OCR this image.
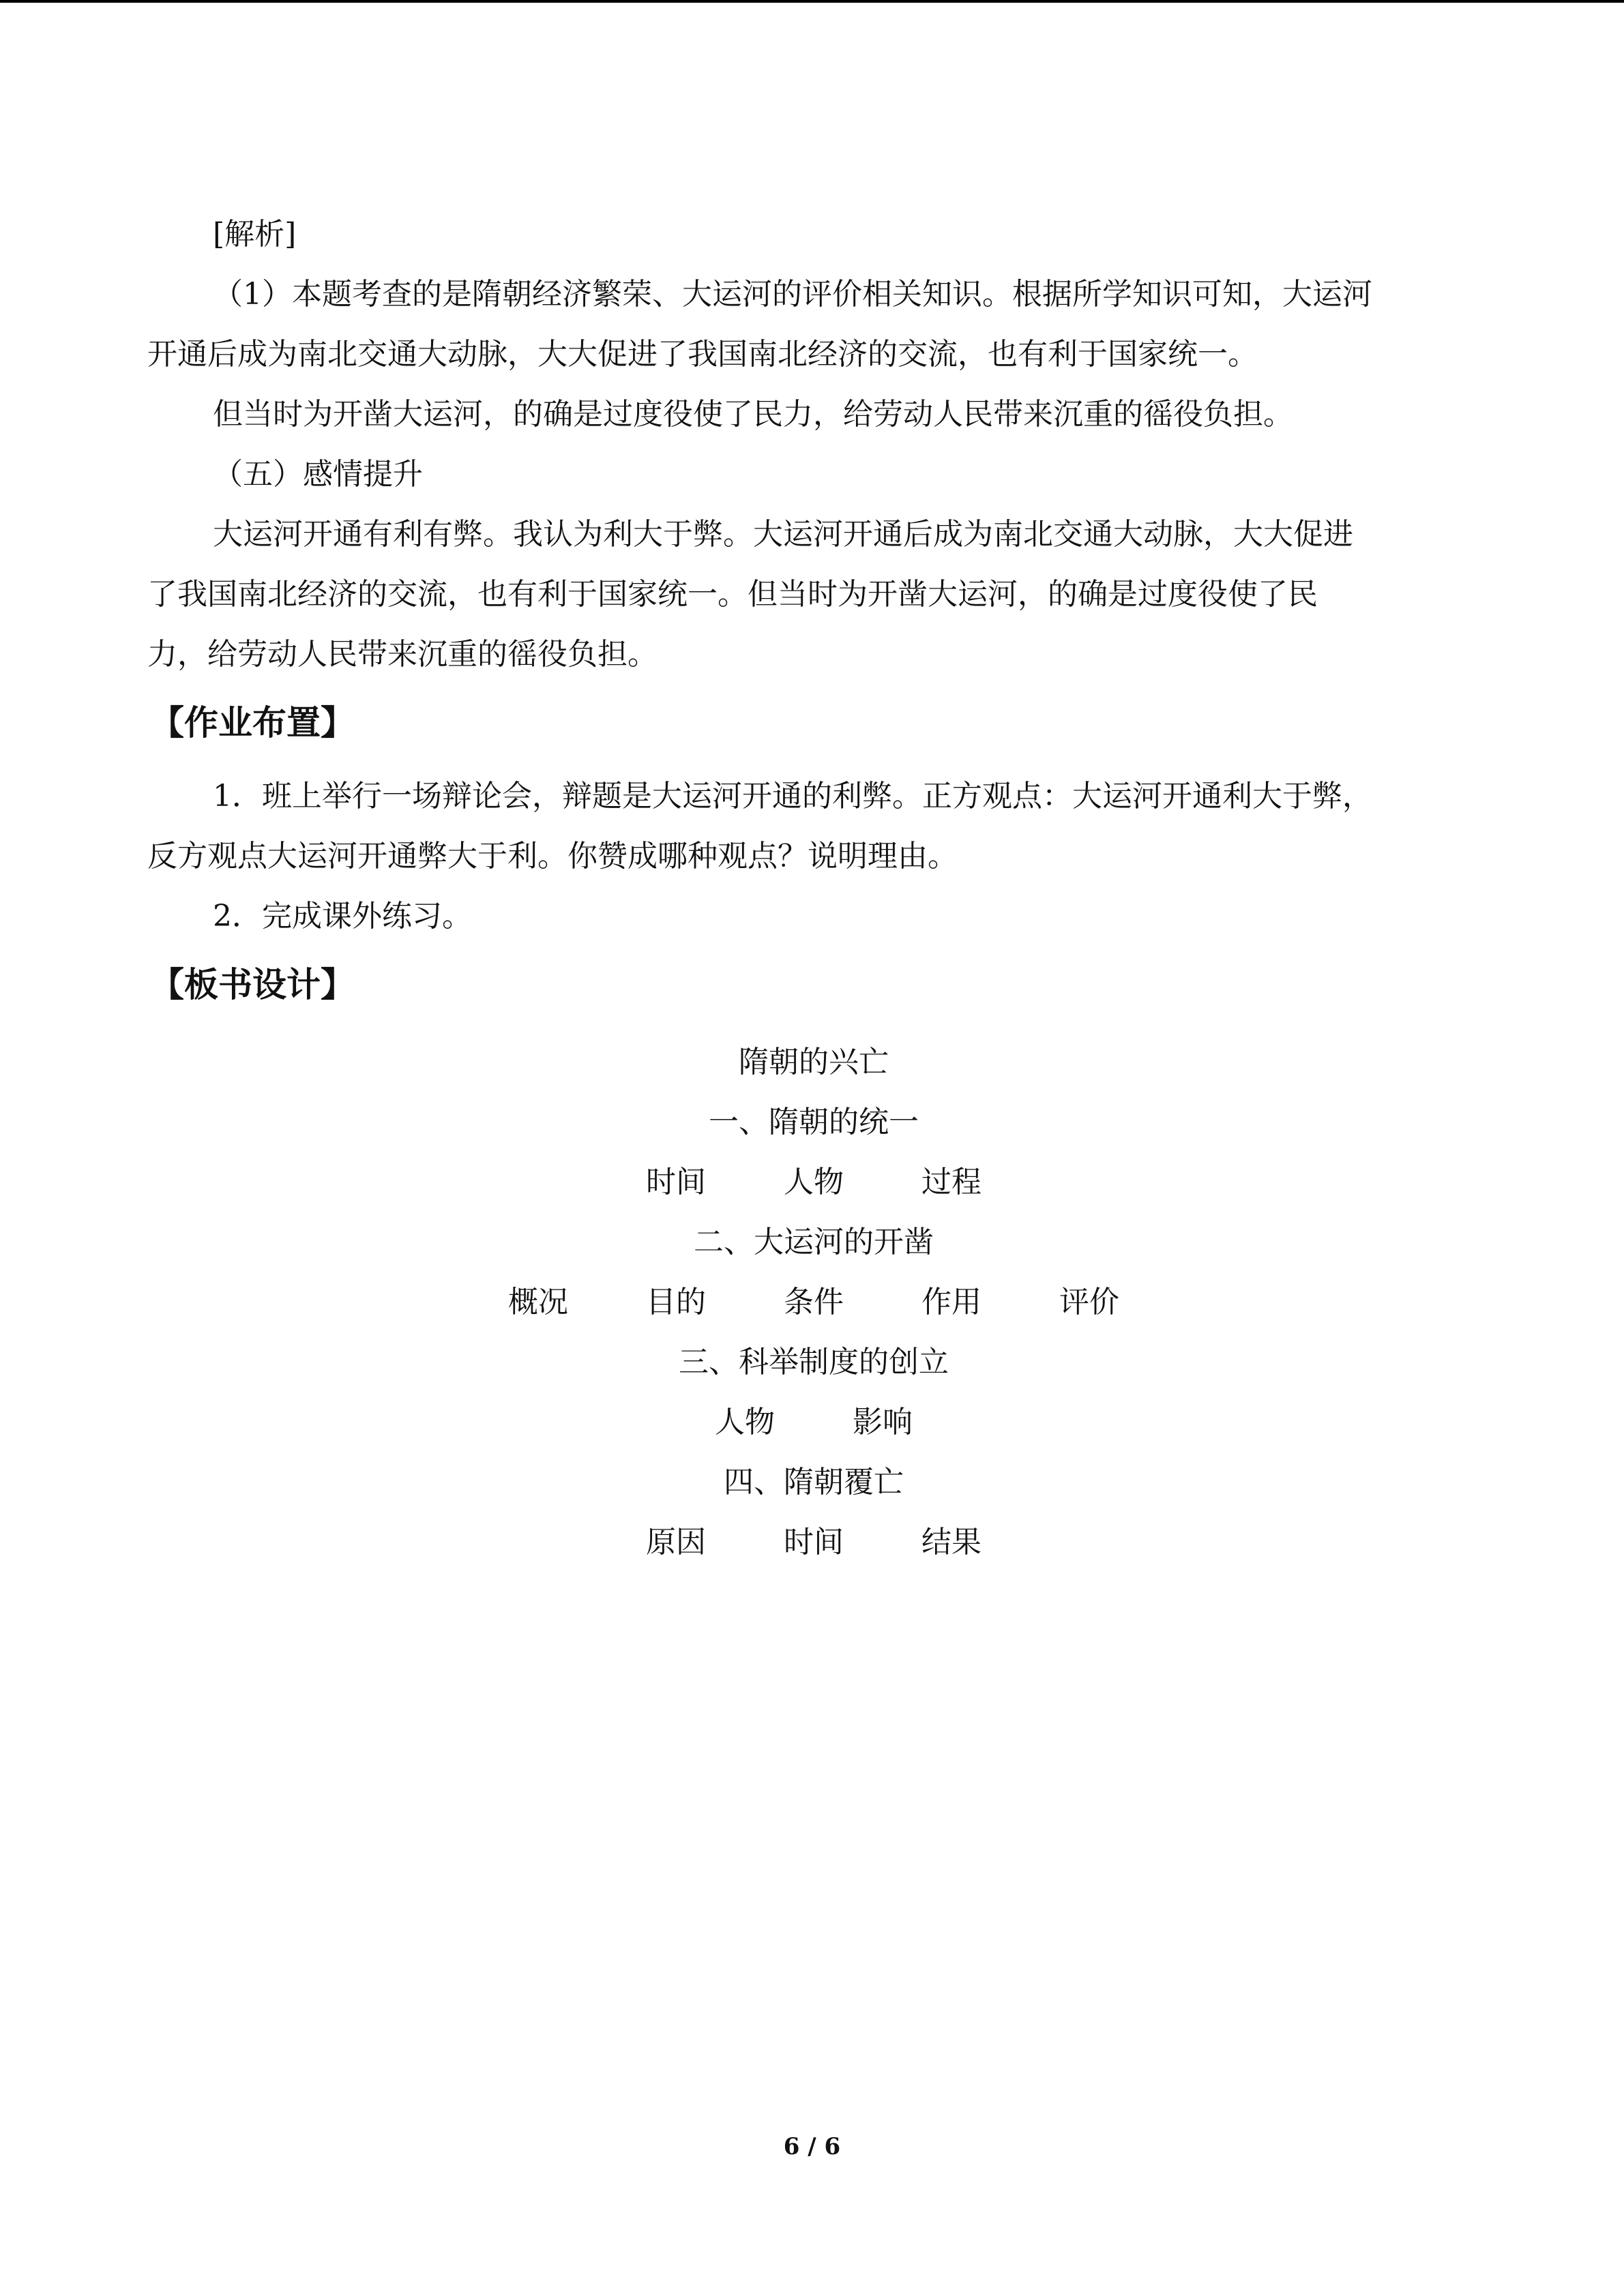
[解析]

（1）本题考查的是隋朝经济繁荣、大运河的评价相关知识。根据所学知识可知，大运河

开通后成为南北交通大动脉，大大促进了我国南北经济的交流，也有利于国家统一。

但当时为开凿大运河，的确是过度役使了民力，给劳动人民带来沉重的徭役负担。

（五）感情提升

大运河开通有利有弊。我认为利大于弊。大运河开通后成为南北交通大动脉，大大促进

了我国南北经济的交流，也有利于国家统一。但当时为开凿大运河，的确是过度役使了民

力，给劳动人民带来沉重的徭役负担。

【作业布置】

1．班上举行一场辩论会，辩题是大运河开通的利弊。正方观点：大运河开通利大于弊，

反方观点大运河开通弊大于利。你赞成哪种观点？说明理由。

2．完成课外练习。

【板书设计】

隋朝的兴亡

一、隋朝的统一

时间	人物	过程

二、大运河的开凿

概况	目的	条件	作用	评价

三、科举制度的创立

人物	影响

四、隋朝覆亡

原因	时间	结果

6 / 6
